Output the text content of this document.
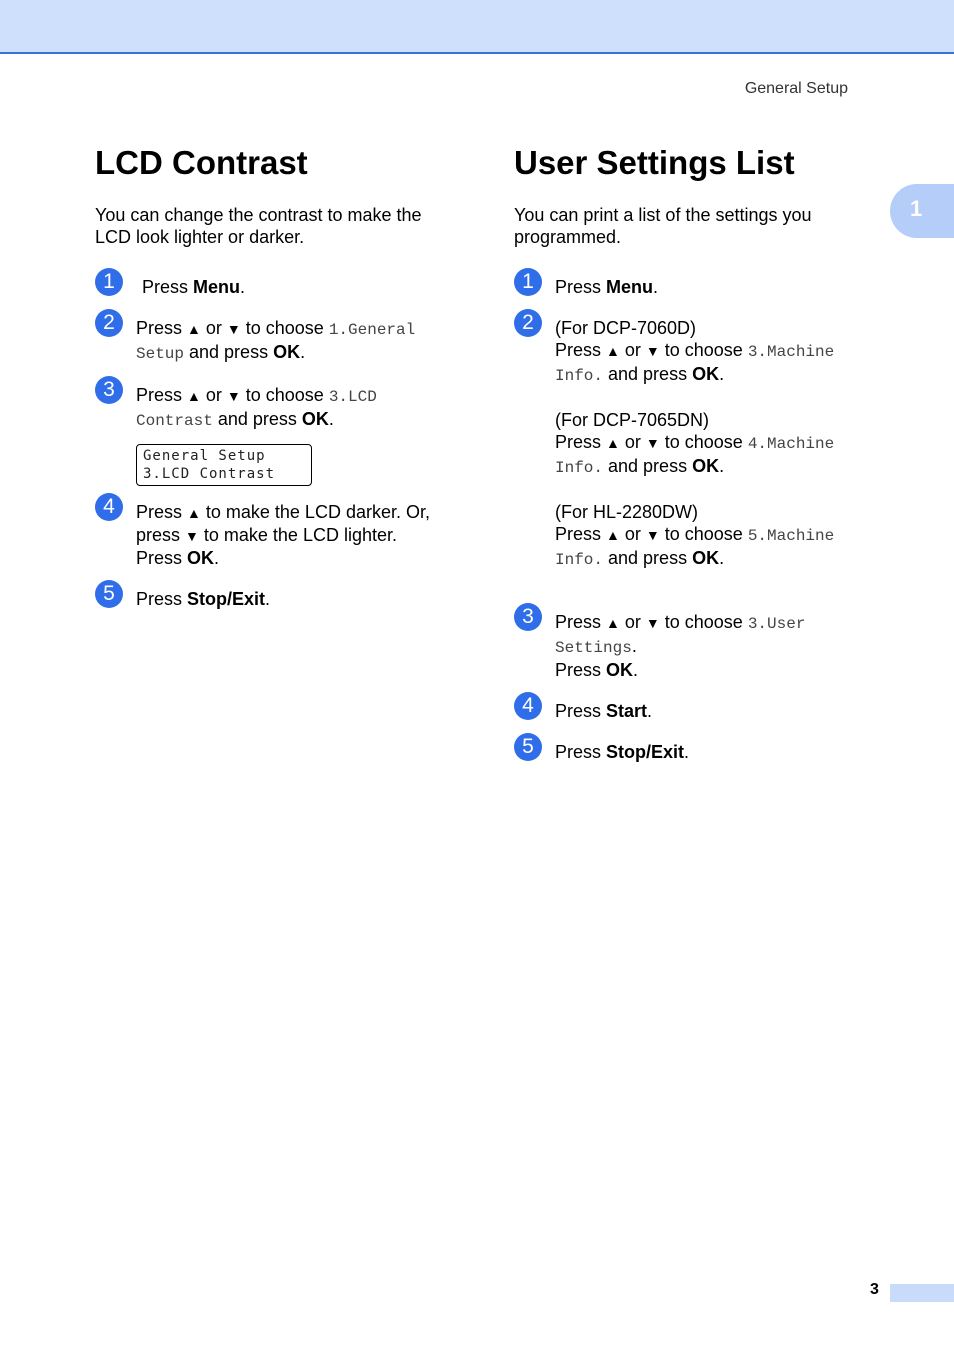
General Setup
1
LCD Contrast

You can change the contrast to make the LCD look lighter or darker.

1	Press Menu.
2	Press ▲ or ▼ to choose 1.General Setup and press OK.
3	Press ▲ or ▼ to choose 3.LCD Contrast and press OK.
General Setup
3.LCD Contrast
4	Press ▲ to make the LCD darker. Or, press ▼ to make the LCD lighter.
Press OK.
5	Press Stop/Exit.
User Settings List

You can print a list of the settings you programmed.

1	Press Menu.
2	(For DCP-7060D)
Press ▲ or ▼ to choose 3.Machine
Info. and press OK.
(For DCP-7065DN)
Press ▲ or ▼ to choose 4.Machine
Info. and press OK.
(For HL-2280DW)
Press ▲ or ▼ to choose 5.Machine
Info. and press OK.
3	Press ▲ or ▼ to choose 3.User
Settings.
Press OK.
4	Press Start.
5	Press Stop/Exit.
3
